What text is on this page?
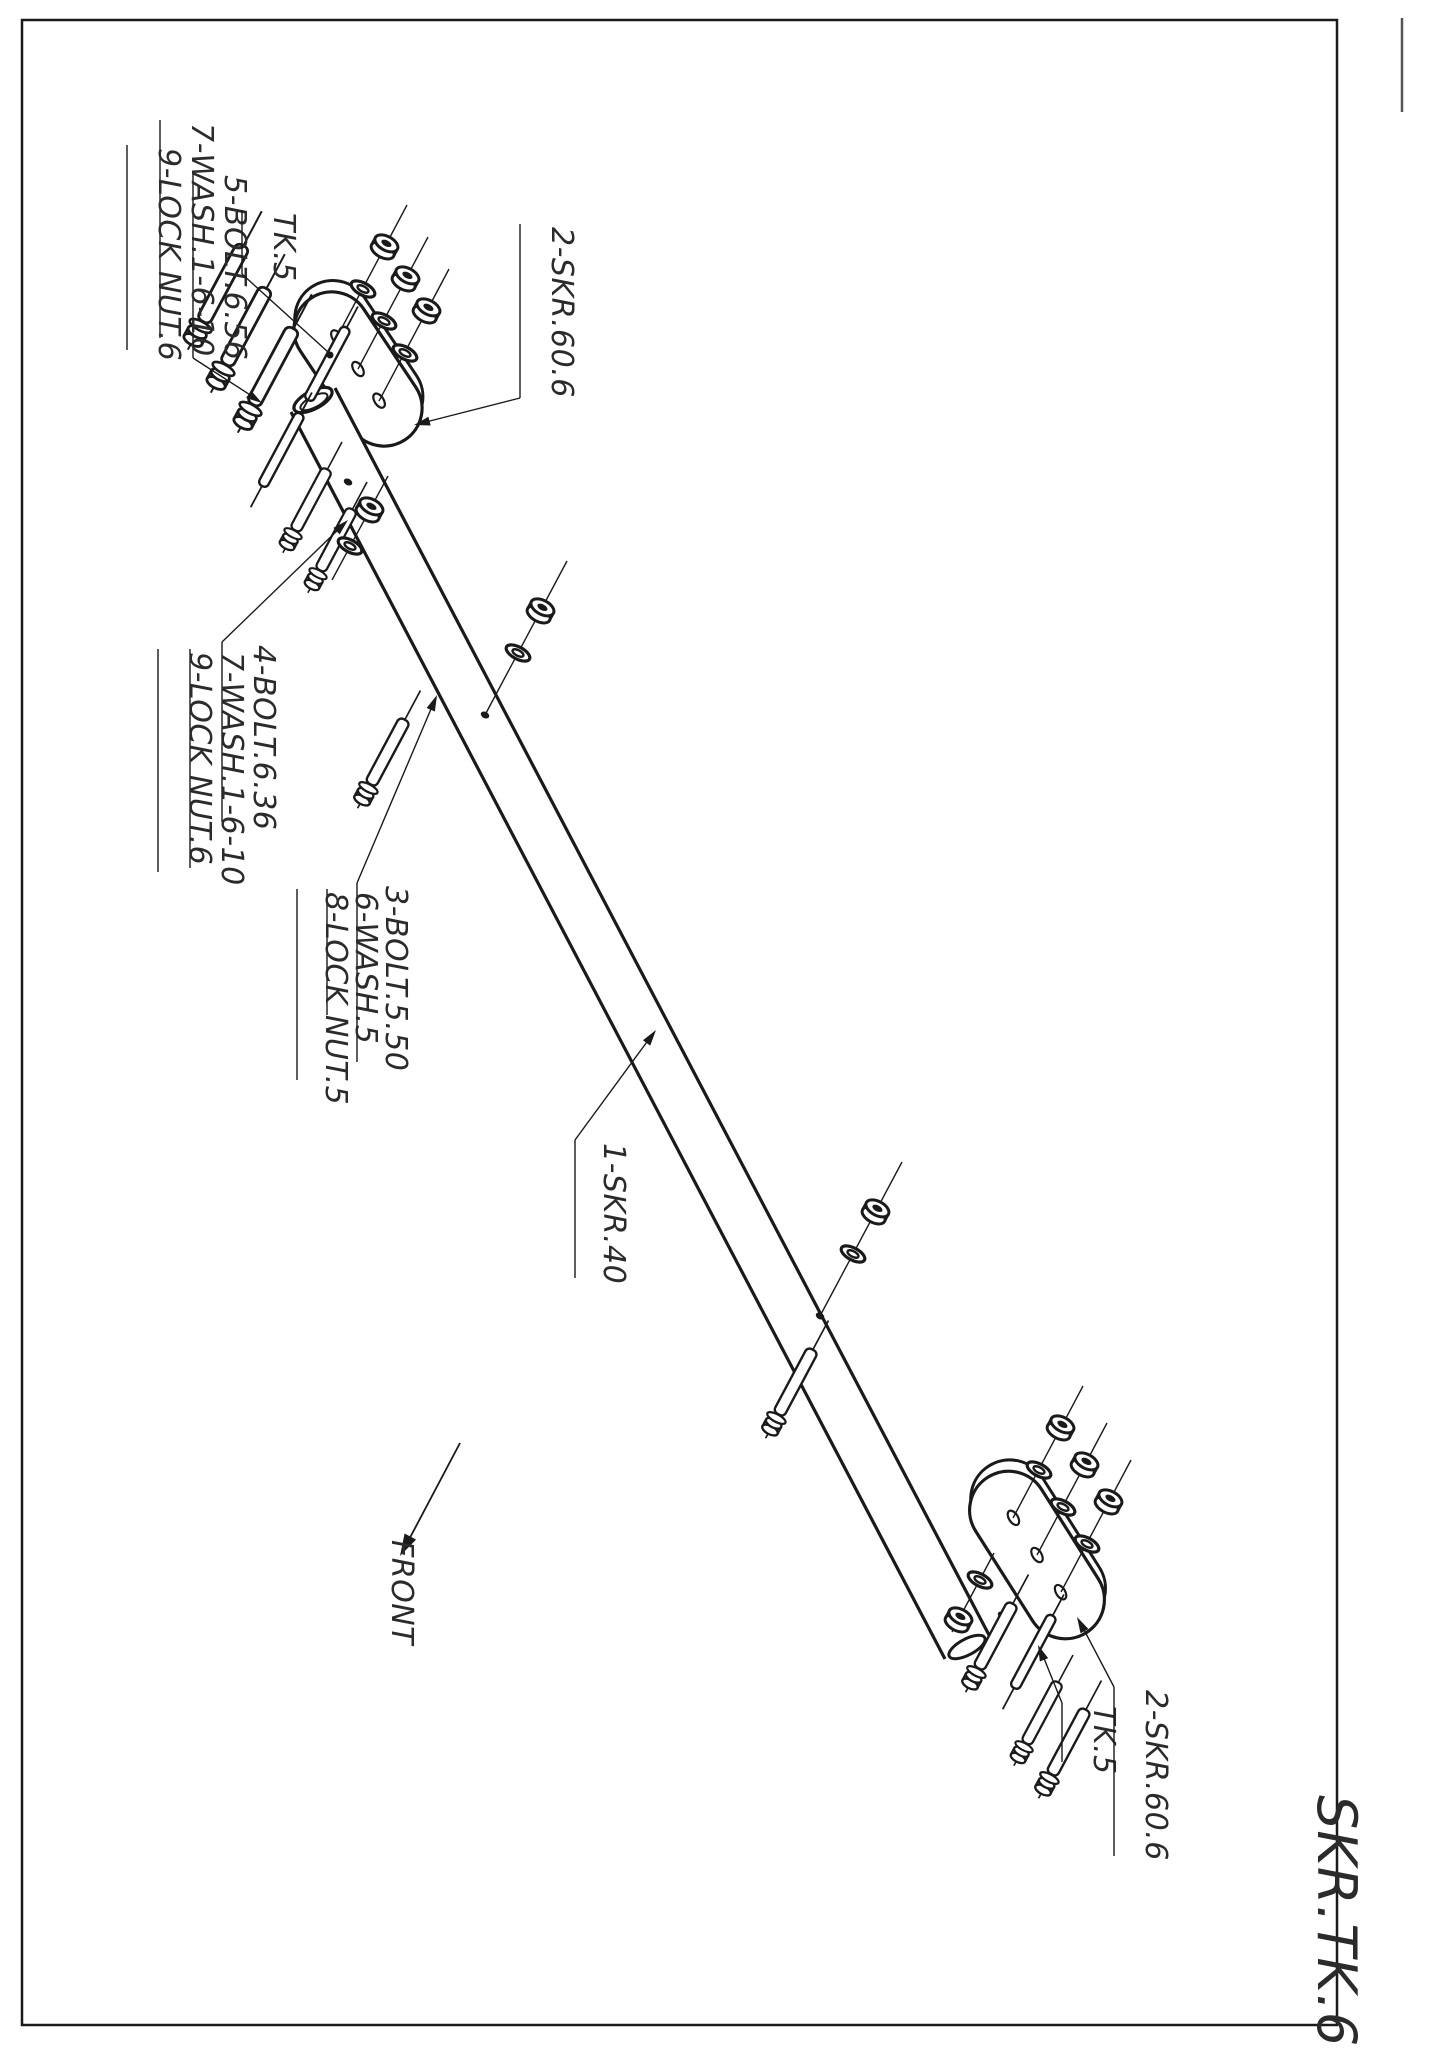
5-BOLT.6.56
7-WASH.1-6-10
9-LOCK NUT.6	TK.5	2-SKR.60.6
4-BOLT.6.36
7-WASH.1-6-10
9-LOCK NUT.6
3-BOLT.5.50
6-WASH.5
8-LOCK NUT.5
1-SKR.40
FRONT
TK.5 2-SKR.60.6
SKR.TK.6
